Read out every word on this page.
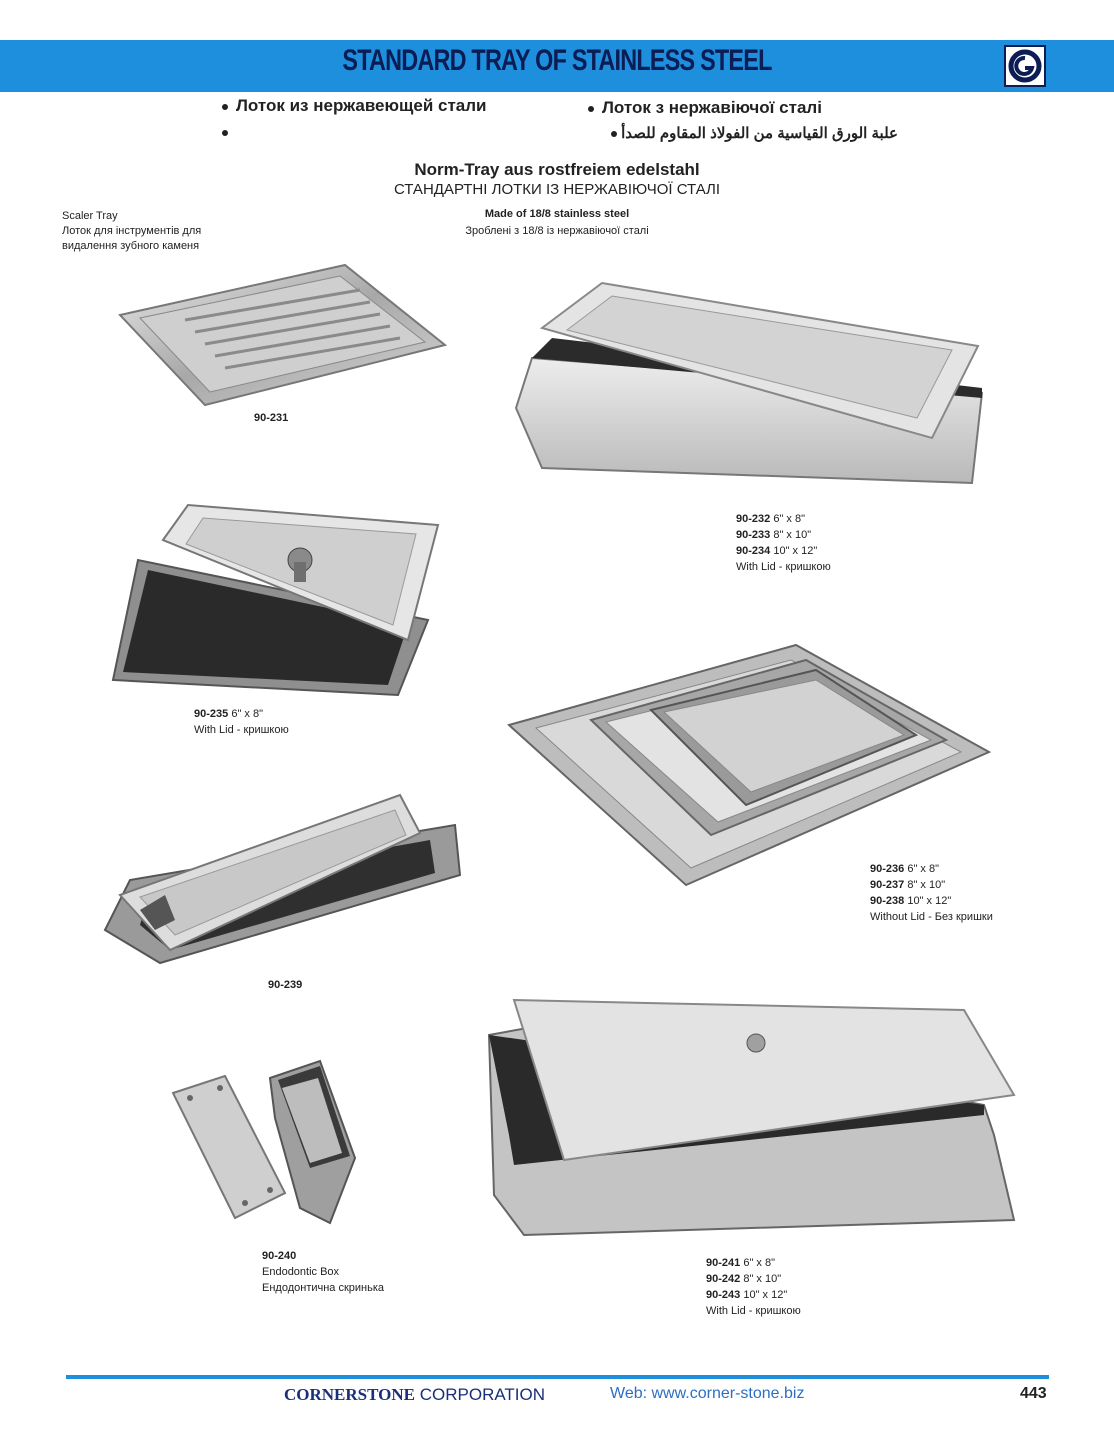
STANDARD TRAY OF STAINLESS STEEL
Лоток из нержавеющей стали	Лоток з нержавіючої сталі
علبة الورق القياسية من الفولاذ المقاوم للصدأ
Norm-Tray aus rostfreiem edelstahl
СТАНДАРТНІ ЛОТКИ ІЗ НЕРЖАВІЮЧОЇ СТАЛІ
Made of 18/8 stainless steel
Зроблені з 18/8 із нержавіючої сталі
Scaler Tray
Лоток для інструментів для
видалення зубного каменя
90-231
90-232 6" x 8"
90-233 8" x 10"
90-234 10" x 12"
With Lid - кришкою
90-235 6" x 8"
With Lid - кришкою
90-236 6" x 8"
90-237 8" x 10"
90-238 10" x 12"
Without Lid - Без кришки
90-239
90-240
Endodontic Box
Ендодонтична скринька
90-241 6" x 8"
90-242 8" x 10"
90-243 10" x 12"
With Lid - кришкою
CORNERSTONE CORPORATION	Web: www.corner-stone.biz	443
